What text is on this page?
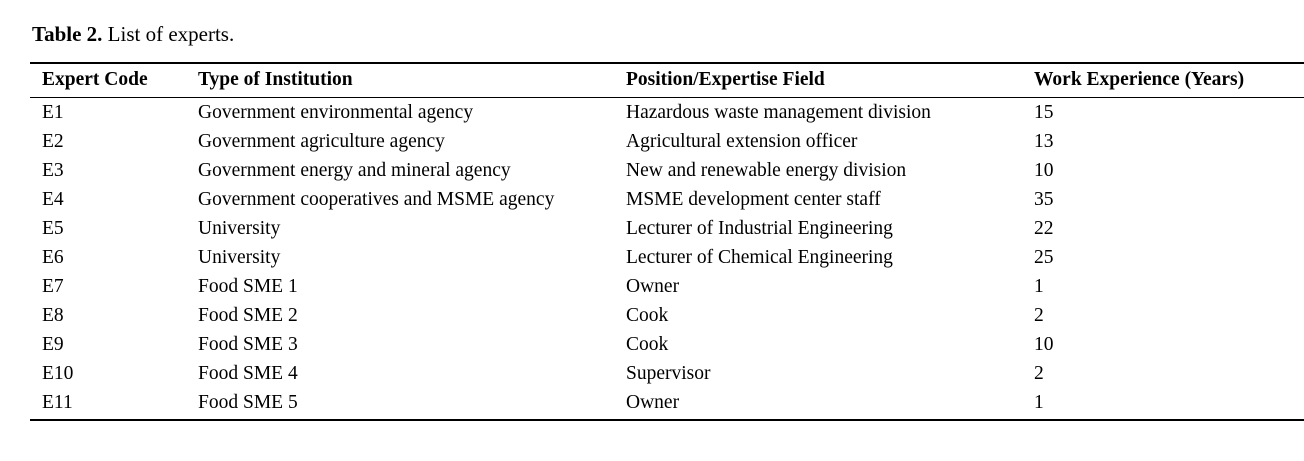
Table 2. List of experts.

Expert Code	Type of Institution	Position/Expertise Field	Work Experience (Years)
E1	Government environmental agency	Hazardous waste management division	15
E2	Government agriculture agency	Agricultural extension officer	13
E3	Government energy and mineral agency	New and renewable energy division	10
E4	Government cooperatives and MSME agency	MSME development center staff	35
E5	University	Lecturer of Industrial Engineering	22
E6	University	Lecturer of Chemical Engineering	25
E7	Food SME 1	Owner	1
E8	Food SME 2	Cook	2
E9	Food SME 3	Cook	10
E10	Food SME 4	Supervisor	2
E11	Food SME 5	Owner	1
